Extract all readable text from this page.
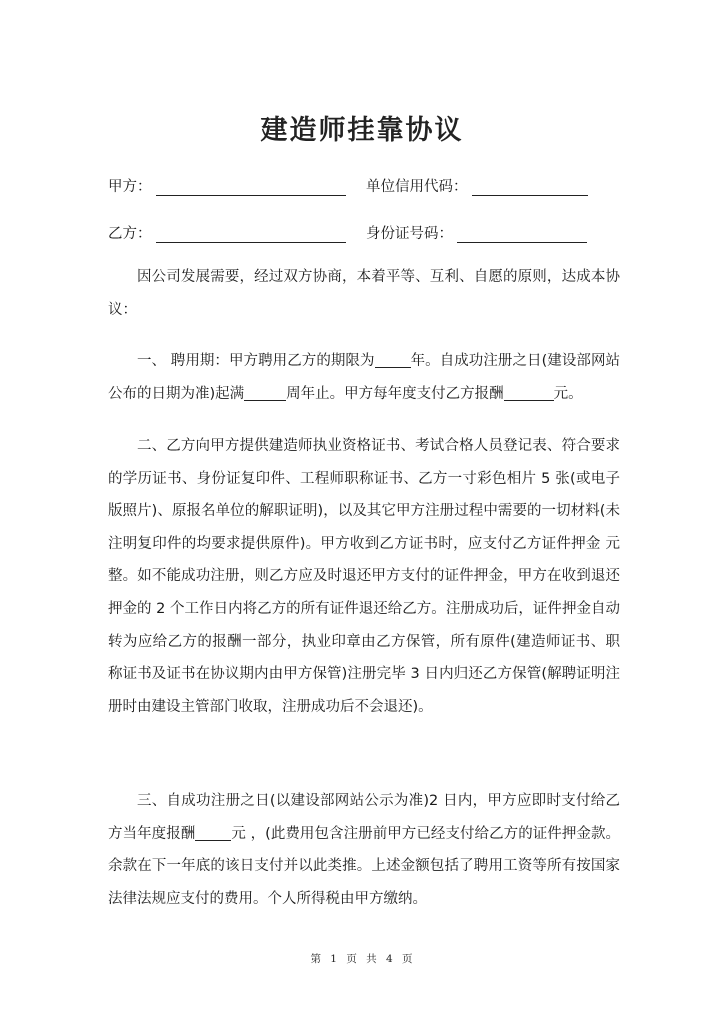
建造师挂靠协议
甲方：	单位信用代码：
乙方：	身份证号码：

因公司发展需要，经过双方协商，本着平等、互利、自愿的原则，达成本协议：

一、 聘用期：甲方聘用乙方的期限为 年。自成功注册之日(建设部网站公布的日期为准)起满	周年止。甲方每年度支付乙方报酬	元。

二、乙方向甲方提供建造师执业资格证书、考试合格人员登记表、符合要求的学历证书、身份证复印件、工程师职称证书、乙方一寸彩色相片 5 张(或电子版照片)、原报名单位的解职证明)，以及其它甲方注册过程中需要的一切材料(未注明复印件的均要求提供原件)。甲方收到乙方证书时，应支付乙方证件押金 元整。如不能成功注册，则乙方应及时退还甲方支付的证件押金，甲方在收到退还押金的 2 个工作日内将乙方的所有证件退还给乙方。注册成功后，证件押金自动转为应给乙方的报酬一部分，执业印章由乙方保管，所有原件(建造师证书、职称证书及证书在协议期内由甲方保管)注册完毕 3 日内归还乙方保管(解聘证明注册时由建设主管部门收取，注册成功后不会退还)。

三、自成功注册之日(以建设部网站公示为准)2 日内，甲方应即时支付给乙方当年度报酬 元 ，(此费用包含注册前甲方已经支付给乙方的证件押金款。余款在下一年底的该日支付并以此类推。上述金额包括了聘用工资等所有按国家法律法规应支付的费用。个人所得税由甲方缴纳。

第 1 页 共 4 页
